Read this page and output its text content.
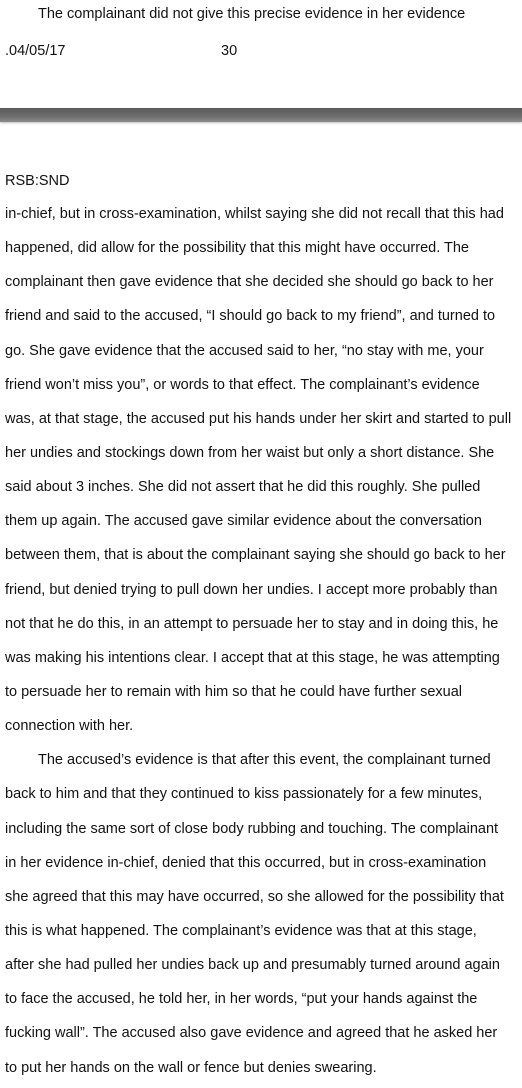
The complainant did not give this precise evidence in her evidence
.04/05/17	30
RSB:SND
in-chief, but in cross-examination, whilst saying she did not recall that this had
happened, did allow for the possibility that this might have occurred. The
complainant then gave evidence that she decided she should go back to her
friend and said to the accused, “I should go back to my friend”, and turned to
go. She gave evidence that the accused said to her, “no stay with me, your
friend won’t miss you”, or words to that effect. The complainant’s evidence
was, at that stage, the accused put his hands under her skirt and started to pull
her undies and stockings down from her waist but only a short distance. She
said about 3 inches. She did not assert that he did this roughly. She pulled
them up again. The accused gave similar evidence about the conversation
between them, that is about the complainant saying she should go back to her
friend, but denied trying to pull down her undies. I accept more probably than
not that he do this, in an attempt to persuade her to stay and in doing this, he
was making his intentions clear. I accept that at this stage, he was attempting
to persuade her to remain with him so that he could have further sexual
connection with her.
The accused’s evidence is that after this event, the complainant turned
back to him and that they continued to kiss passionately for a few minutes,
including the same sort of close body rubbing and touching. The complainant
in her evidence in-chief, denied that this occurred, but in cross-examination
she agreed that this may have occurred, so she allowed for the possibility that
this is what happened. The complainant’s evidence was that at this stage,
after she had pulled her undies back up and presumably turned around again
to face the accused, he told her, in her words, “put your hands against the
fucking wall”. The accused also gave evidence and agreed that he asked her
to put her hands on the wall or fence but denies swearing.
